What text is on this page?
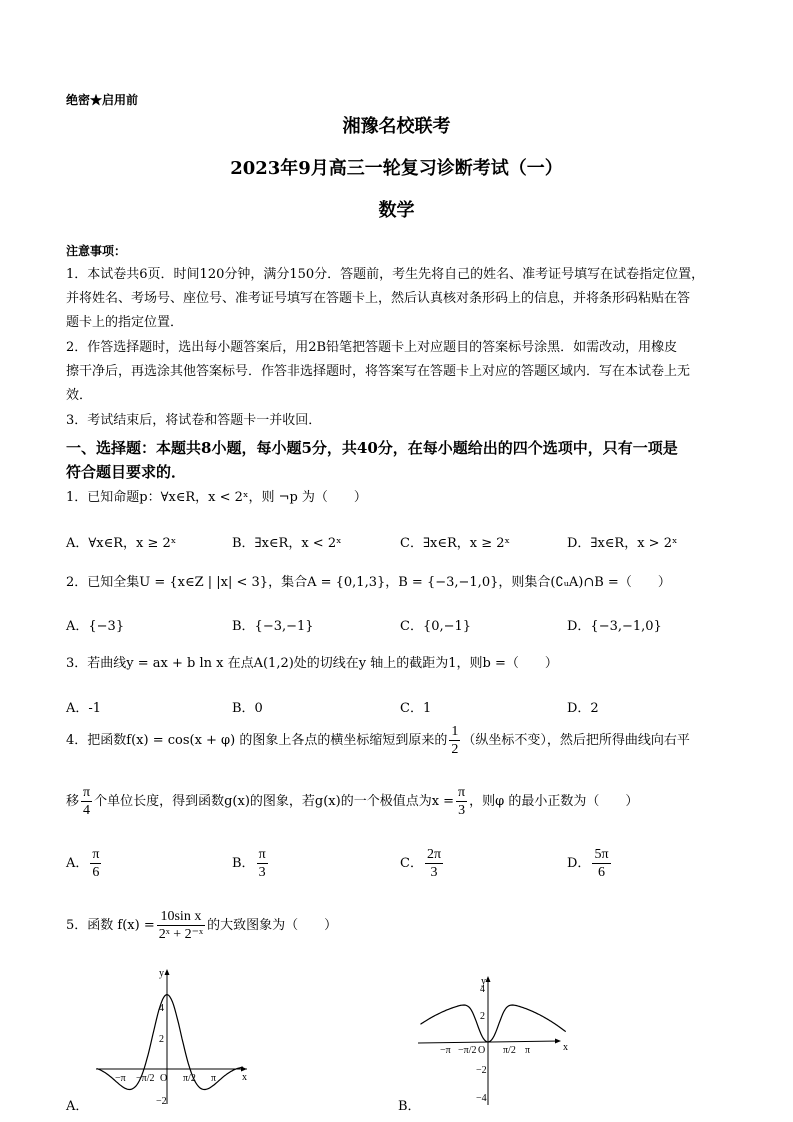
绝密★启用前
湘豫名校联考
2023年9月高三一轮复习诊断考试（一）
数学
注意事项：
1．本试卷共6页．时间120分钟，满分150分．答题前，考生先将自己的姓名、准考证号填写在试卷指定位置，
并将姓名、考场号、座位号、准考证号填写在答题卡上，然后认真核对条形码上的信息，并将条形码粘贴在答
题卡上的指定位置．
2．作答选择题时，选出每小题答案后，用2B铅笔把答题卡上对应题目的答案标号涂黑．如需改动，用橡皮
擦干净后，再选涂其他答案标号．作答非选择题时，将答案写在答题卡上对应的答题区域内．写在本试卷上无
效．
3．考试结束后，将试卷和答题卡一并收回．
一、选择题：本题共8小题，每小题5分，共40分，在每小题给出的四个选项中，只有一项是
符合题目要求的．
1．已知命题p：∀x∈R，x < 2ˣ，则 ¬p 为（　　）
A．∀x∈R，x ≥ 2ˣ	B．∃x∈R，x < 2ˣ	C．∃x∈R，x ≥ 2ˣ	D．∃x∈R，x > 2ˣ
2．已知全集U = {x∈Z | |x| < 3}，集合A = {0,1,3}，B = {−3,−1,0}，则集合(∁ᵤA)∩B =（　　）
A．{−3}	B．{−3,−1}	C．{0,−1}	D．{−3,−1,0}
3．若曲线y = ax + b ln x 在点A(1,2)处的切线在y 轴上的截距为1，则b =（　　）
A．-1	B．0	C．1	D．2
4．把函数f(x) = cos(x + φ) 的图象上各点的横坐标缩短到原来的 $\frac{1}{2}$ （纵坐标不变），然后把所得曲线向右平
移 $\frac{\pi}{4}$ 个单位长度，得到函数g(x)的图象，若g(x)的一个极值点为$x = \frac{\pi}{3}$ ，则φ 的最小正数为（　　）
A． $\frac{\pi}{6}$	B． $\frac{\pi}{3}$	C． $\frac{2\pi}{3}$	D． $\frac{5\pi}{6}$
5．函数 $f(x) = \frac{\text{10sin x}}{\text{2ˣ + 2⁻ˣ}}$ 的大致图象为（　　）
A．	B．
y
x
4
2
−2
−π −π/2 O π/2 π
y
x
4
2
−2
−4
−π −π/2 O π/2 π
